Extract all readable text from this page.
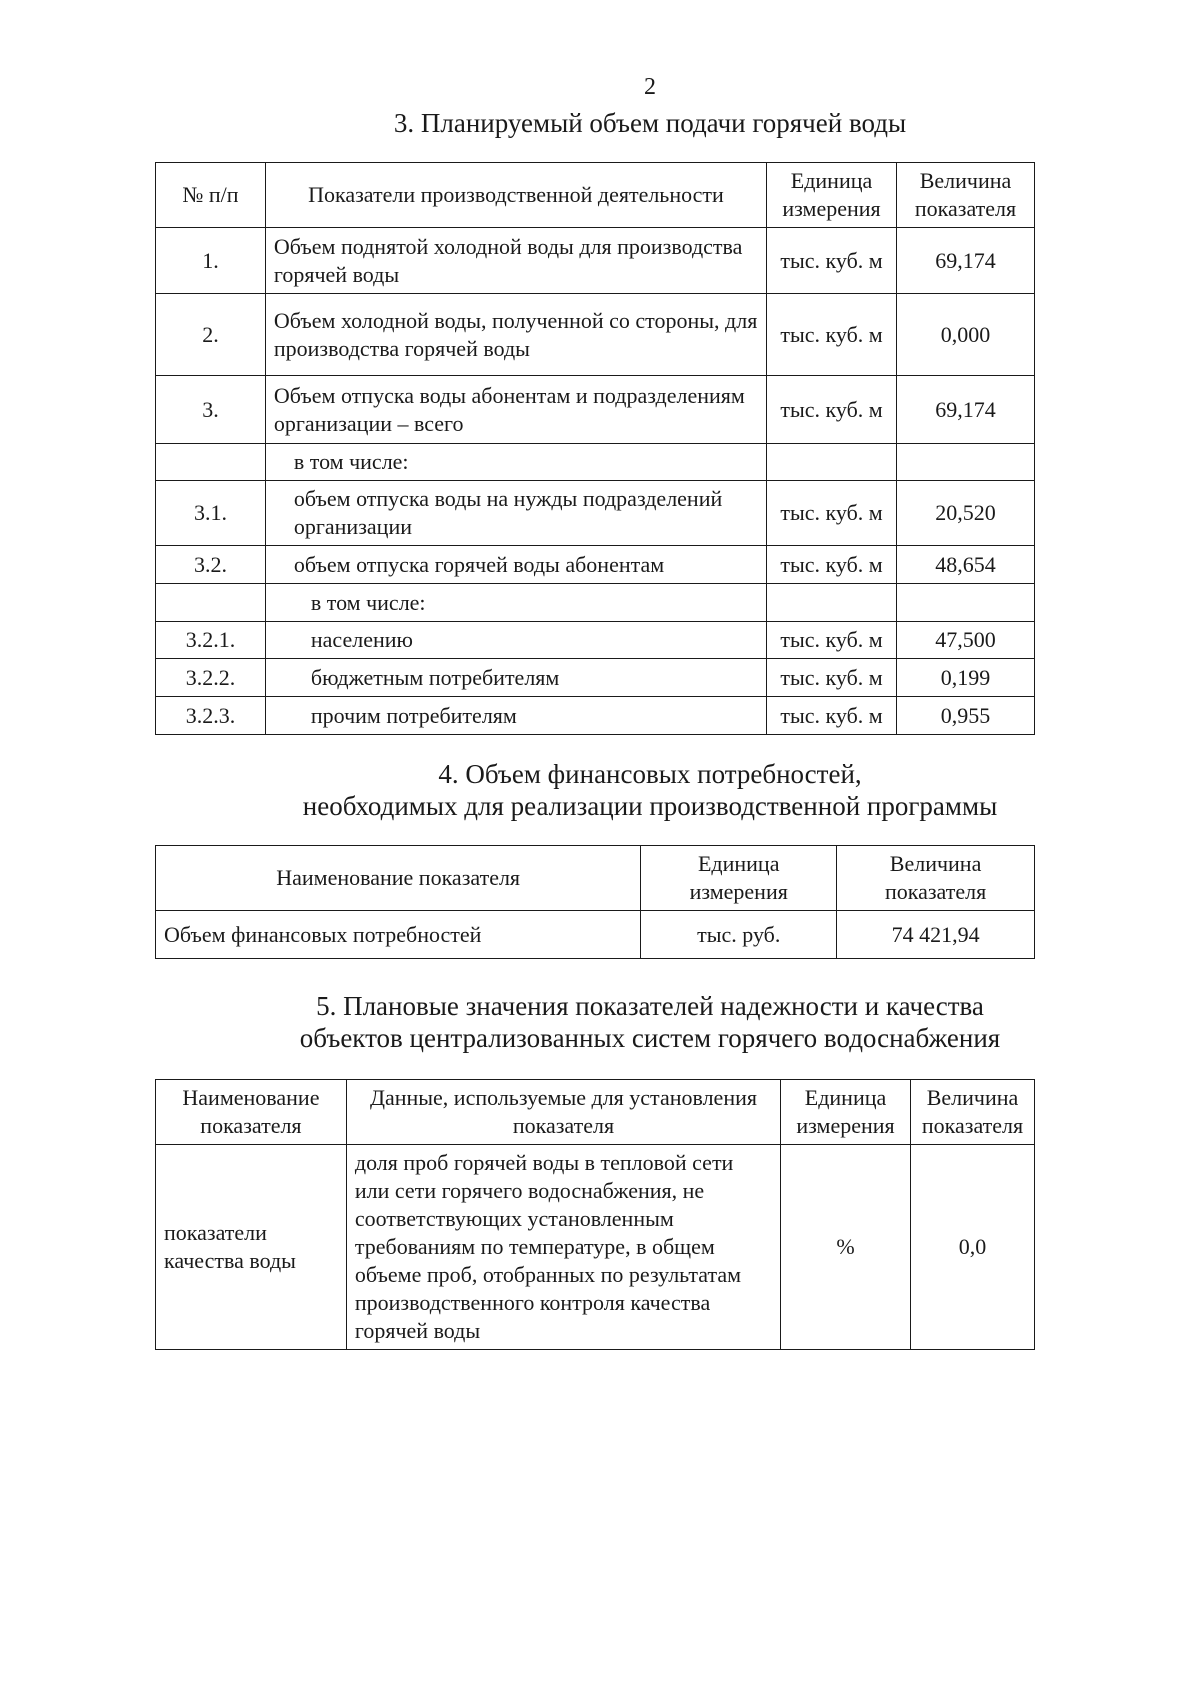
2
3. Планируемый объем подачи горячей воды
№ п/п	Показатели производственной деятельности	Единица измерения	Величина показателя
1.	Объем поднятой холодной воды для производства горячей воды	тыс. куб. м	69,174
2.	Объем холодной воды, полученной со стороны, для производства горячей воды	тыс. куб. м	0,000
3.	Объем отпуска воды абонентам и подразделениям организации – всего	тыс. куб. м	69,174
	в том числе:		
3.1.	объем отпуска воды на нужды подразделений организации	тыс. куб. м	20,520
3.2.	объем отпуска горячей воды абонентам	тыс. куб. м	48,654
	в том числе:		
3.2.1.	населению	тыс. куб. м	47,500
3.2.2.	бюджетным потребителям	тыс. куб. м	0,199
3.2.3.	прочим потребителям	тыс. куб. м	0,955
4. Объем финансовых потребностей,
необходимых для реализации производственной программы
Наименование показателя	Единица измерения	Величина показателя
Объем финансовых потребностей	тыс. руб.	74 421,94
5. Плановые значения показателей надежности и качества
объектов централизованных систем горячего водоснабжения
Наименование показателя	Данные, используемые для установления показателя	Единица измерения	Величина показателя
показатели качества воды	доля проб горячей воды в тепловой сети или сети горячего водоснабжения, не соответствующих установленным требованиям по температуре, в общем объеме проб, отобранных по результатам производственного контроля качества горячей воды	%	0,0
